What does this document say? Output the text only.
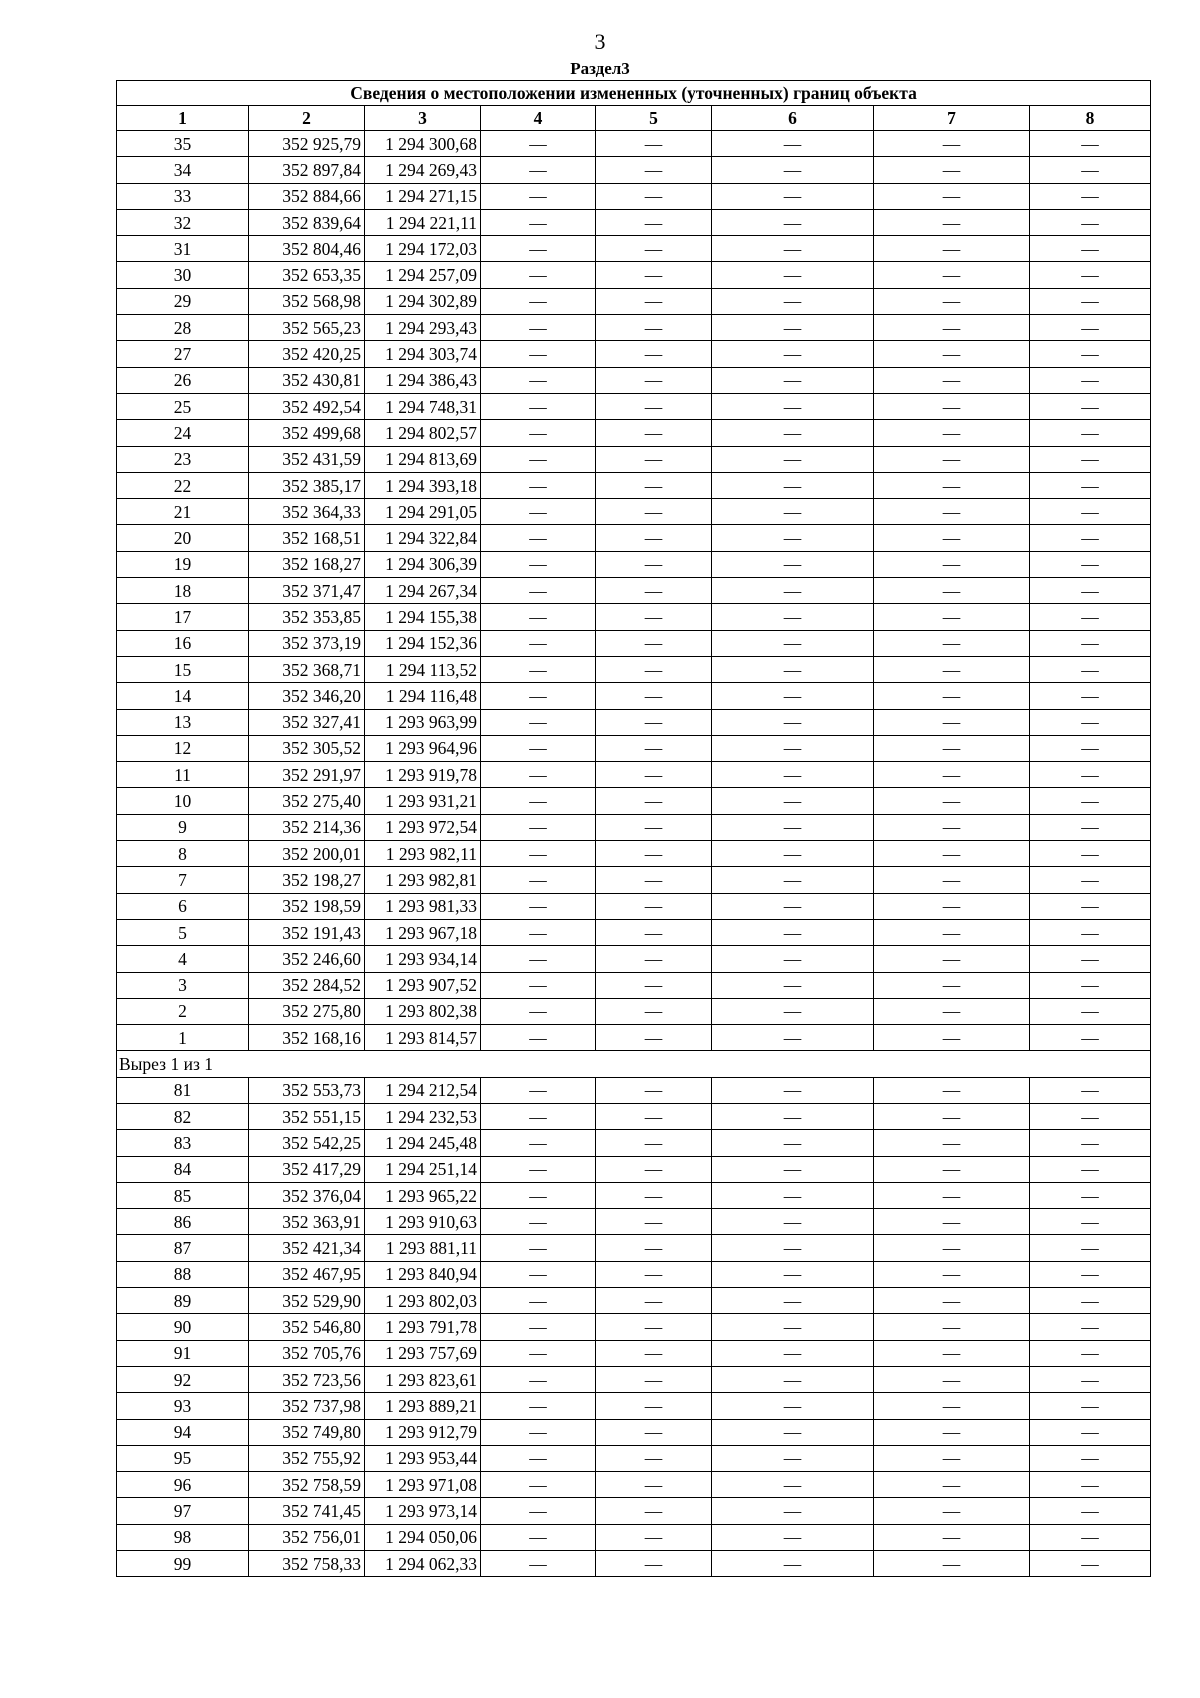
3
Раздел3
Сведения о местоположении измененных (уточненных) границ объекта							
1	2	3	4	5	6	7	8
35	352 925,79	1 294 300,68	—	—	—	—	—
34	352 897,84	1 294 269,43	—	—	—	—	—
33	352 884,66	1 294 271,15	—	—	—	—	—
32	352 839,64	1 294 221,11	—	—	—	—	—
31	352 804,46	1 294 172,03	—	—	—	—	—
30	352 653,35	1 294 257,09	—	—	—	—	—
29	352 568,98	1 294 302,89	—	—	—	—	—
28	352 565,23	1 294 293,43	—	—	—	—	—
27	352 420,25	1 294 303,74	—	—	—	—	—
26	352 430,81	1 294 386,43	—	—	—	—	—
25	352 492,54	1 294 748,31	—	—	—	—	—
24	352 499,68	1 294 802,57	—	—	—	—	—
23	352 431,59	1 294 813,69	—	—	—	—	—
22	352 385,17	1 294 393,18	—	—	—	—	—
21	352 364,33	1 294 291,05	—	—	—	—	—
20	352 168,51	1 294 322,84	—	—	—	—	—
19	352 168,27	1 294 306,39	—	—	—	—	—
18	352 371,47	1 294 267,34	—	—	—	—	—
17	352 353,85	1 294 155,38	—	—	—	—	—
16	352 373,19	1 294 152,36	—	—	—	—	—
15	352 368,71	1 294 113,52	—	—	—	—	—
14	352 346,20	1 294 116,48	—	—	—	—	—
13	352 327,41	1 293 963,99	—	—	—	—	—
12	352 305,52	1 293 964,96	—	—	—	—	—
11	352 291,97	1 293 919,78	—	—	—	—	—
10	352 275,40	1 293 931,21	—	—	—	—	—
9	352 214,36	1 293 972,54	—	—	—	—	—
8	352 200,01	1 293 982,11	—	—	—	—	—
7	352 198,27	1 293 982,81	—	—	—	—	—
6	352 198,59	1 293 981,33	—	—	—	—	—
5	352 191,43	1 293 967,18	—	—	—	—	—
4	352 246,60	1 293 934,14	—	—	—	—	—
3	352 284,52	1 293 907,52	—	—	—	—	—
2	352 275,80	1 293 802,38	—	—	—	—	—
1	352 168,16	1 293 814,57	—	—	—	—	—
Вырез 1 из 1							
81	352 553,73	1 294 212,54	—	—	—	—	—
82	352 551,15	1 294 232,53	—	—	—	—	—
83	352 542,25	1 294 245,48	—	—	—	—	—
84	352 417,29	1 294 251,14	—	—	—	—	—
85	352 376,04	1 293 965,22	—	—	—	—	—
86	352 363,91	1 293 910,63	—	—	—	—	—
87	352 421,34	1 293 881,11	—	—	—	—	—
88	352 467,95	1 293 840,94	—	—	—	—	—
89	352 529,90	1 293 802,03	—	—	—	—	—
90	352 546,80	1 293 791,78	—	—	—	—	—
91	352 705,76	1 293 757,69	—	—	—	—	—
92	352 723,56	1 293 823,61	—	—	—	—	—
93	352 737,98	1 293 889,21	—	—	—	—	—
94	352 749,80	1 293 912,79	—	—	—	—	—
95	352 755,92	1 293 953,44	—	—	—	—	—
96	352 758,59	1 293 971,08	—	—	—	—	—
97	352 741,45	1 293 973,14	—	—	—	—	—
98	352 756,01	1 294 050,06	—	—	—	—	—
99	352 758,33	1 294 062,33	—	—	—	—	—
